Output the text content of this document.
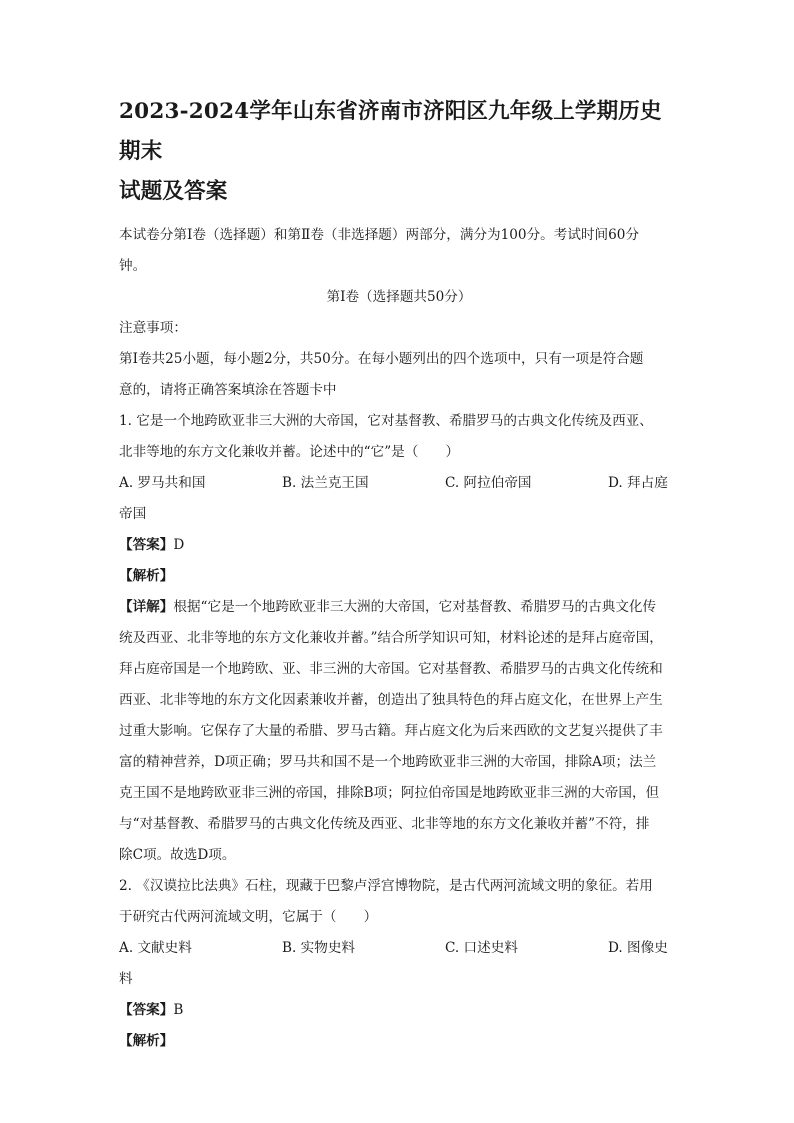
2023-2024学年山东省济南市济阳区九年级上学期历史期末
试题及答案

本试卷分第Ⅰ卷（选择题）和第Ⅱ卷（非选择题）两部分，满分为100分。考试时间60分

钟。

第Ⅰ卷（选择题共50分）

注意事项：

第Ⅰ卷共25小题，每小题2分，共50分。在每小题列出的四个选项中，只有一项是符合题

意的，请将正确答案填涂在答题卡中

1. 它是一个地跨欧亚非三大洲的大帝国，它对基督教、希腊罗马的古典文化传统及西亚、

北非等地的东方文化兼收并蓄。论述中的“它”是（　　）

A. 罗马共和国	B. 法兰克王国	C. 阿拉伯帝国	D. 拜占庭

帝国

【答案】D

【解析】

【详解】根据“它是一个地跨欧亚非三大洲的大帝国，它对基督教、希腊罗马的古典文化传

统及西亚、北非等地的东方文化兼收并蓄。”结合所学知识可知，材料论述的是拜占庭帝国，

拜占庭帝国是一个地跨欧、亚、非三洲的大帝国。它对基督教、希腊罗马的古典文化传统和

西亚、北非等地的东方文化因素兼收并蓄，创造出了独具特色的拜占庭文化，在世界上产生

过重大影响。它保存了大量的希腊、罗马古籍。拜占庭文化为后来西欧的文艺复兴提供了丰

富的精神营养，D项正确；罗马共和国不是一个地跨欧亚非三洲的大帝国，排除A项；法兰

克王国不是地跨欧亚非三洲的帝国，排除B项；阿拉伯帝国是地跨欧亚非三洲的大帝国，但

与“对基督教、希腊罗马的古典文化传统及西亚、北非等地的东方文化兼收并蓄”不符，排

除C项。故选D项。

2. 《汉谟拉比法典》石柱，现藏于巴黎卢浮宫博物院，是古代两河流域文明的象征。若用

于研究古代两河流域文明，它属于（　　）

A. 文献史料	B. 实物史料	C. 口述史料	D. 图像史

料

【答案】B

【解析】
